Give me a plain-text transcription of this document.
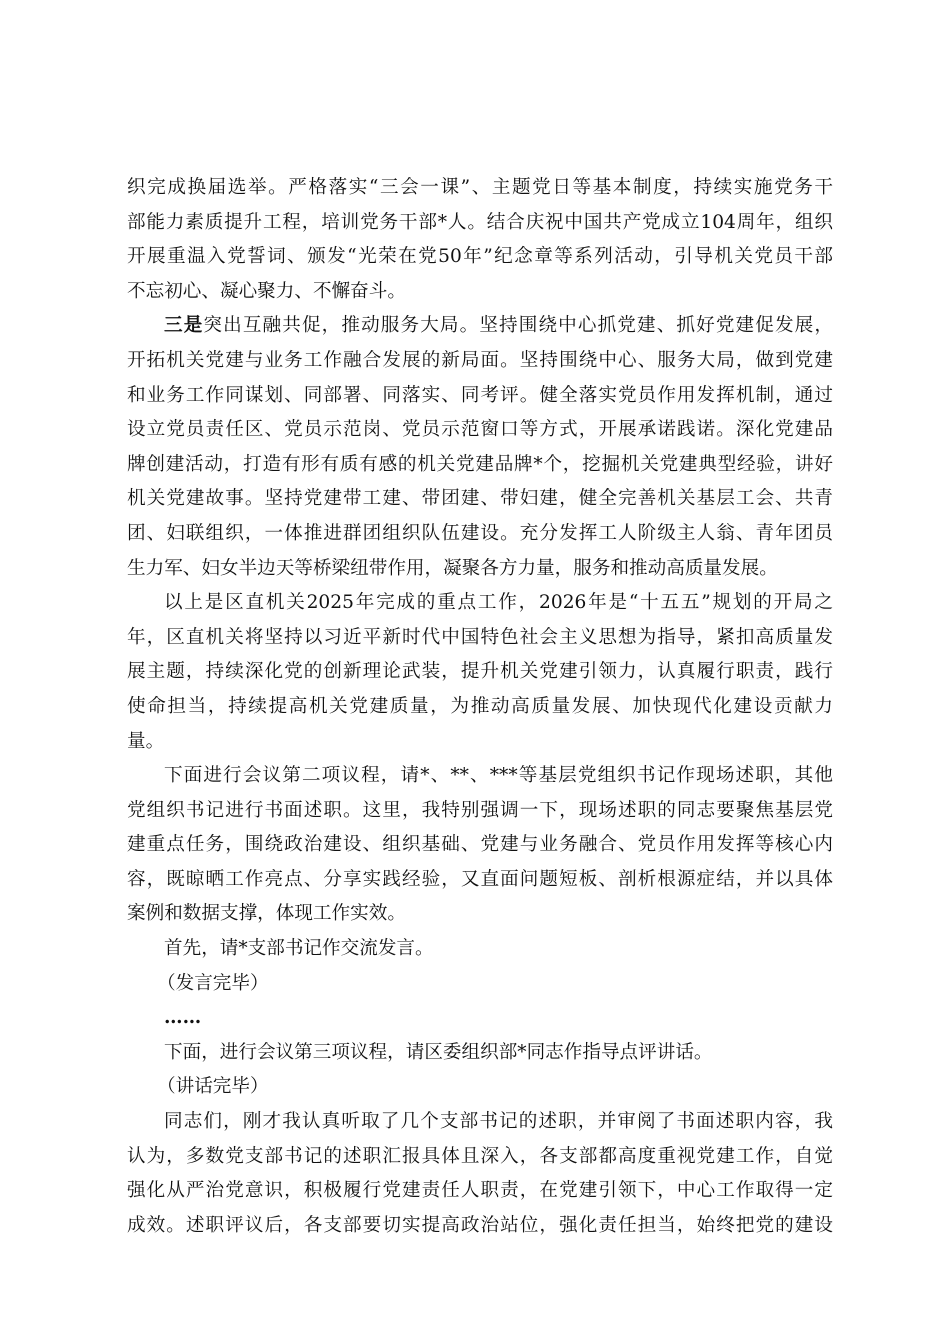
织完成换届选举。严格落实“三会一课”、主题党日等基本制度，持续实施党务干
部能力素质提升工程，培训党务干部*人。结合庆祝中国共产党成立104周年，组织
开展重温入党誓词、颁发“光荣在党50年”纪念章等系列活动，引导机关党员干部
不忘初心、凝心聚力、不懈奋斗。
三是突出互融共促，推动服务大局。坚持围绕中心抓党建、抓好党建促发展，
开拓机关党建与业务工作融合发展的新局面。坚持围绕中心、服务大局，做到党建
和业务工作同谋划、同部署、同落实、同考评。健全落实党员作用发挥机制，通过
设立党员责任区、党员示范岗、党员示范窗口等方式，开展承诺践诺。深化党建品
牌创建活动，打造有形有质有感的机关党建品牌*个，挖掘机关党建典型经验，讲好
机关党建故事。坚持党建带工建、带团建、带妇建，健全完善机关基层工会、共青
团、妇联组织，一体推进群团组织队伍建设。充分发挥工人阶级主人翁、青年团员
生力军、妇女半边天等桥梁纽带作用，凝聚各方力量，服务和推动高质量发展。
以上是区直机关2025年完成的重点工作，2026年是“十五五”规划的开局之
年，区直机关将坚持以习近平新时代中国特色社会主义思想为指导，紧扣高质量发
展主题，持续深化党的创新理论武装，提升机关党建引领力，认真履行职责，践行
使命担当，持续提高机关党建质量，为推动高质量发展、加快现代化建设贡献力
量。
下面进行会议第二项议程，请*、**、***等基层党组织书记作现场述职，其他
党组织书记进行书面述职。这里，我特别强调一下，现场述职的同志要聚焦基层党
建重点任务，围绕政治建设、组织基础、党建与业务融合、党员作用发挥等核心内
容，既晾晒工作亮点、分享实践经验，又直面问题短板、剖析根源症结，并以具体
案例和数据支撑，体现工作实效。
首先，请*支部书记作交流发言。
（发言完毕）
……
下面，进行会议第三项议程，请区委组织部*同志作指导点评讲话。
（讲话完毕）
同志们，刚才我认真听取了几个支部书记的述职，并审阅了书面述职内容，我
认为，多数党支部书记的述职汇报具体且深入，各支部都高度重视党建工作，自觉
强化从严治党意识，积极履行党建责任人职责，在党建引领下，中心工作取得一定
成效。述职评议后，各支部要切实提高政治站位，强化责任担当，始终把党的建设
